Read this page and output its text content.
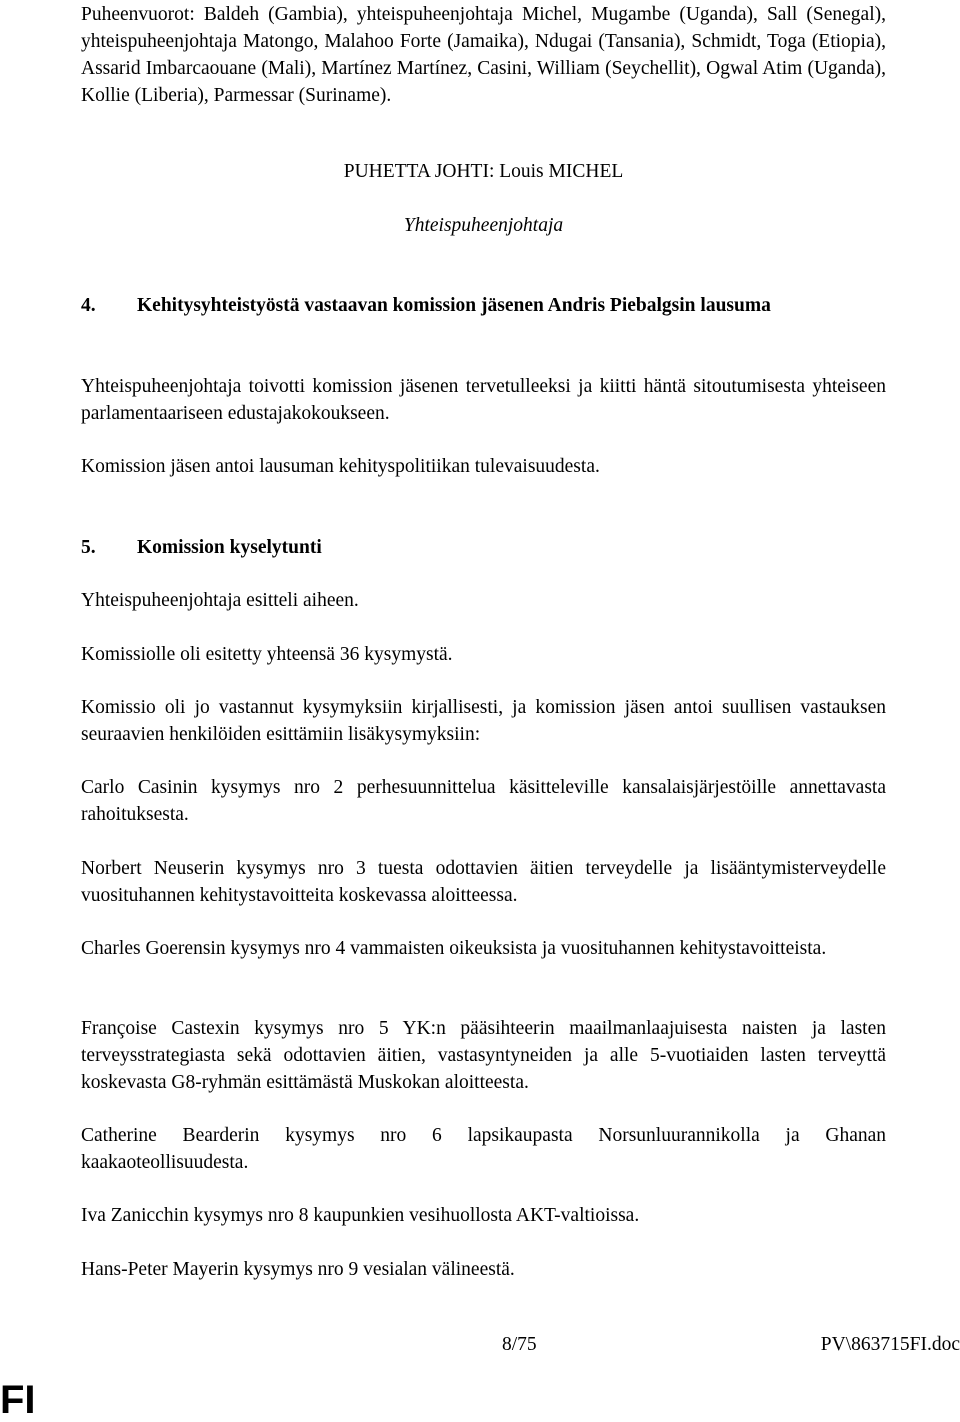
Puheenvuorot: Baldeh (Gambia), yhteispuheenjohtaja Michel, Mugambe (Uganda), Sall (Senegal), yhteispuheenjohtaja Matongo, Malahoo Forte (Jamaika), Ndugai (Tansania), Schmidt, Toga (Etiopia), Assarid Imbarcaouane (Mali), Martínez Martínez, Casini, William (Seychellit), Ogwal Atim (Uganda), Kollie (Liberia), Parmessar (Suriname).

PUHETTA JOHTI: Louis MICHEL

Yhteispuheenjohtaja

4. Kehitysyhteistyöstä vastaavan komission jäsenen Andris Piebalgsin lausuma

Yhteispuheenjohtaja toivotti komission jäsenen tervetulleeksi ja kiitti häntä sitoutumisesta yhteiseen parlamentaariseen edustajakokoukseen.

Komission jäsen antoi lausuman kehityspolitiikan tulevaisuudesta.

5. Komission kyselytunti

Yhteispuheenjohtaja esitteli aiheen.

Komissiolle oli esitetty yhteensä 36 kysymystä.

Komissio oli jo vastannut kysymyksiin kirjallisesti, ja komission jäsen antoi suullisen vastauksen seuraavien henkilöiden esittämiin lisäkysymyksiin:

Carlo Casinin kysymys nro 2 perhesuunnittelua käsitteleville kansalaisjärjestöille annettavasta rahoituksesta.

Norbert Neuserin kysymys nro 3 tuesta odottavien äitien terveydelle ja lisääntymisterveydelle vuosituhannen kehitystavoitteita koskevassa aloitteessa.

Charles Goerensin kysymys nro 4 vammaisten oikeuksista ja vuosituhannen kehitystavoitteista.

Françoise Castexin kysymys nro 5 YK:n pääsihteerin maailmanlaajuisesta naisten ja lasten terveysstrategiasta sekä odottavien äitien, vastasyntyneiden ja alle 5-vuotiaiden lasten terveyttä koskevasta G8-ryhmän esittämästä Muskokan aloitteesta.

Catherine Bearderin kysymys nro 6 lapsikaupasta Norsunluurannikolla ja Ghanan kaakaoteollisuudesta.

Iva Zanicchin kysymys nro 8 kaupunkien vesihuollosta AKT-valtioissa.

Hans-Peter Mayerin kysymys nro 9 vesialan välineestä.

8/75	PV\863715FI.doc
FI
